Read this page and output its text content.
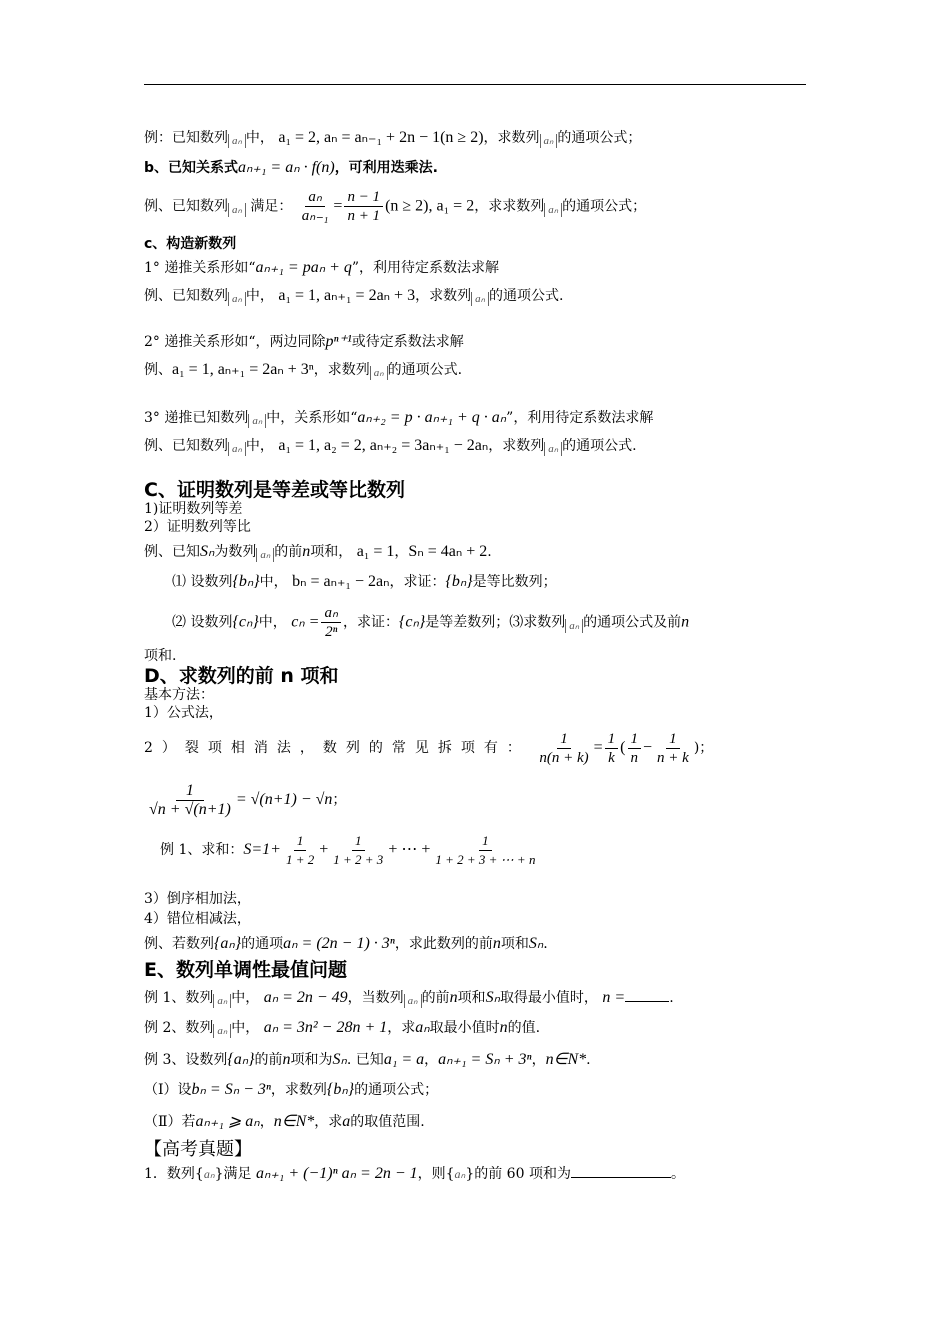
例：已知数列 aₙ 中， a₁ = 2, aₙ = aₙ₋₁ + 2n − 1(n ≥ 2)，求数列 aₙ 的通项公式；
b、已知关系式aₙ₊₁ = aₙ · f(n)，可利用迭乘法.
例、已知数列 aₙ 满足： $\frac{\text{aₙ}}{\text{aₙ₋₁}} = \frac{n - 1}{n + 1} (n \ge 2)$, a₁ = 2，求求数列 aₙ 的通项公式；
c、构造新数列
1° 递推关系形如“aₙ₊₁ = paₙ + q”，利用待定系数法求解
例、已知数列 aₙ 中， a₁ = 1, aₙ₊₁ = 2aₙ + 3，求数列 aₙ 的通项公式.
2° 递推关系形如“，两边同除pⁿ⁺¹或待定系数法求解
例、a₁ = 1, aₙ₊₁ = 2aₙ + 3ⁿ，求数列 aₙ 的通项公式.
3° 递推已知数列 aₙ 中，关系形如“aₙ₊₂ = p · aₙ₊₁ + q · aₙ”，利用待定系数法求解
例、已知数列 aₙ 中， a₁ = 1, a₂ = 2, aₙ₊₂ = 3aₙ₊₁ − 2aₙ，求数列 aₙ 的通项公式.
C、证明数列是等差或等比数列
1)证明数列等差
2）证明数列等比
例、已知Sₙ为数列 aₙ 的前n项和， a₁ = 1，Sₙ = 4aₙ + 2.
⑴ 设数列{bₙ}中， bₙ = aₙ₊₁ − 2aₙ，求证：{bₙ}是等比数列；
⑵ 设数列{cₙ}中， $c_n = \frac{\text{aₙ}}{\text{2ⁿ}}$ ，求证：{cₙ}是等差数列；⑶求数列 aₙ 的通项公式及前n
项和.
D、求数列的前 n 项和
基本方法：
1）公式法，
2）裂项相消法，数列的常见拆项有： $\frac{1}{n(n + k)} = \frac{1}{k}$ ( $\frac{1}{n} - \frac{1}{n + k}$ )；
$\frac{1}{√n + √(n+1)} = √(n+1) - √n$；
例 1、求和：$S=1+ \frac{1}{1 + 2} + \frac{1}{1 + 2 + 3}$ + ⋯ + $\frac{1}{1 + 2 + 3 + \cdots + n}$
3）倒序相加法，
4）错位相减法，
例、若数列{aₙ}的通项aₙ = (2n − 1) · 3ⁿ，求此数列的前n项和Sₙ.
E、数列单调性最值问题
例 1、数列 aₙ 中， aₙ = 2n − 49，当数列 aₙ 的前n项和Sₙ取得最小值时， n =	.
例 2、数列 aₙ 中， aₙ = 3n² − 28n + 1，求aₙ取最小值时n的值.
例 3、设数列{aₙ}的前n项和为Sₙ. 已知a₁ = a，aₙ₊₁ = Sₙ + 3ⁿ，n∈N*.
（Ⅰ）设bₙ = Sₙ − 3ⁿ，求数列{bₙ}的通项公式；
（Ⅱ）若aₙ₊₁ ⩾ aₙ，n∈N*，求a的取值范围.
【高考真题】
1．数列{aₙ}满足 aₙ₊₁ + (−1)ⁿ aₙ = 2n − 1，则{aₙ}的前 60 项和为	。
